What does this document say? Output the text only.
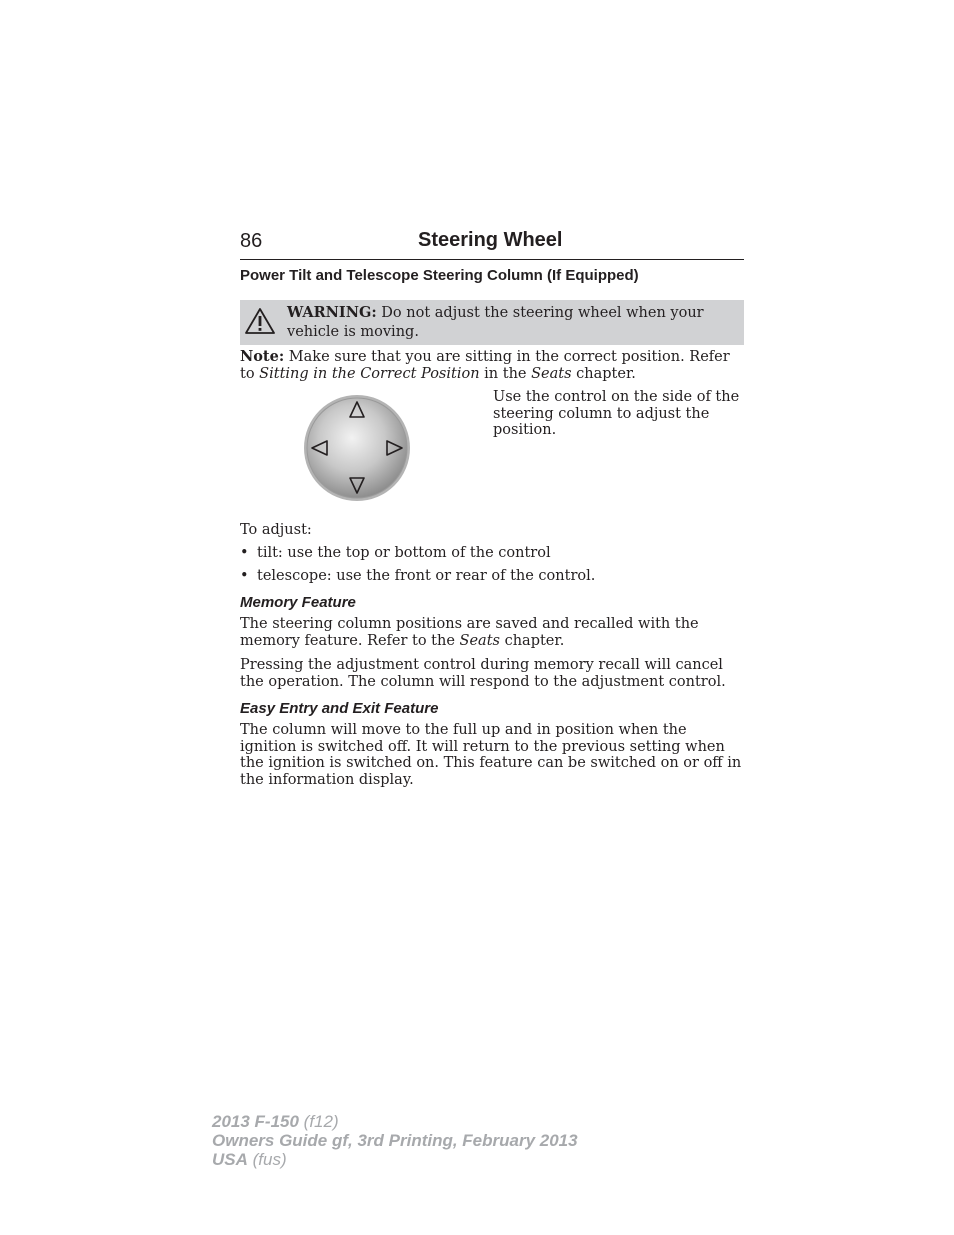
86	Steering Wheel
Power Tilt and Telescope Steering Column (If Equipped)
WARNING: Do not adjust the steering wheel when your vehicle is moving.
Note: Make sure that you are sitting in the correct position. Refer to Sitting in the Correct Position in the Seats chapter.
Use the control on the side of the steering column to adjust the position.
To adjust:
• tilt: use the top or bottom of the control
• telescope: use the front or rear of the control.
Memory Feature
The steering column positions are saved and recalled with the memory feature. Refer to the Seats chapter.
Pressing the adjustment control during memory recall will cancel the operation. The column will respond to the adjustment control.
Easy Entry and Exit Feature
The column will move to the full up and in position when the ignition is switched off. It will return to the previous setting when the ignition is switched on. This feature can be switched on or off in the information display.
2013 F-150 (f12)
Owners Guide gf, 3rd Printing, February 2013
USA (fus)
